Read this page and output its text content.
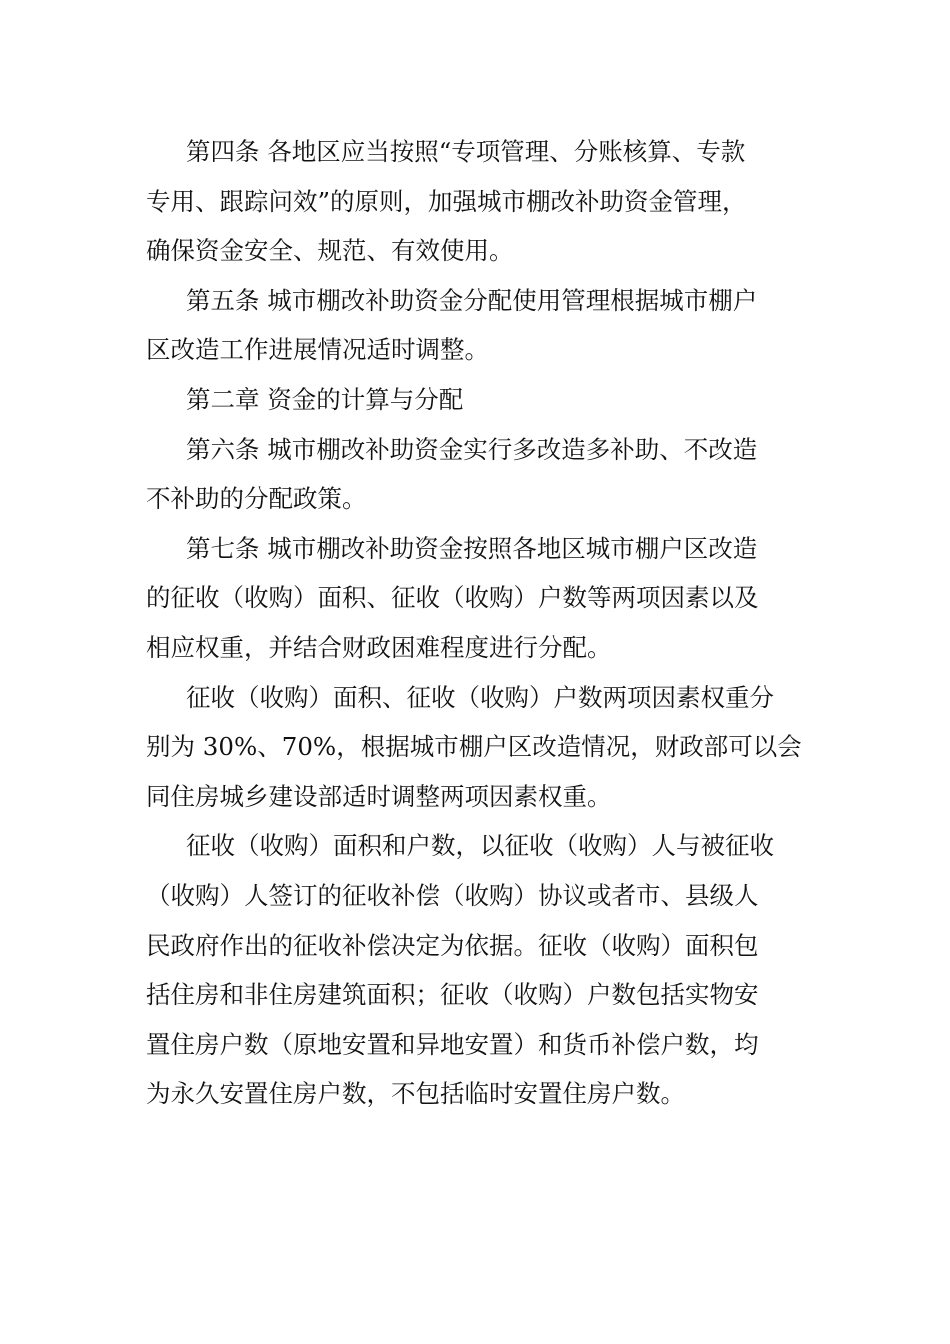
第四条 各地区应当按照“专项管理、分账核算、专款
专用、跟踪问效”的原则，加强城市棚改补助资金管理，
确保资金安全、规范、有效使用。
第五条 城市棚改补助资金分配使用管理根据城市棚户
区改造工作进展情况适时调整。
第二章 资金的计算与分配
第六条 城市棚改补助资金实行多改造多补助、不改造
不补助的分配政策。
第七条 城市棚改补助资金按照各地区城市棚户区改造
的征收（收购）面积、征收（收购）户数等两项因素以及
相应权重，并结合财政困难程度进行分配。
征收（收购）面积、征收（收购）户数两项因素权重分
别为 30%、70%，根据城市棚户区改造情况，财政部可以会
同住房城乡建设部适时调整两项因素权重。
征收（收购）面积和户数，以征收（收购）人与被征收
（收购）人签订的征收补偿（收购）协议或者市、县级人
民政府作出的征收补偿决定为依据。征收（收购）面积包
括住房和非住房建筑面积；征收（收购）户数包括实物安
置住房户数（原地安置和异地安置）和货币补偿户数，均
为永久安置住房户数，不包括临时安置住房户数。
